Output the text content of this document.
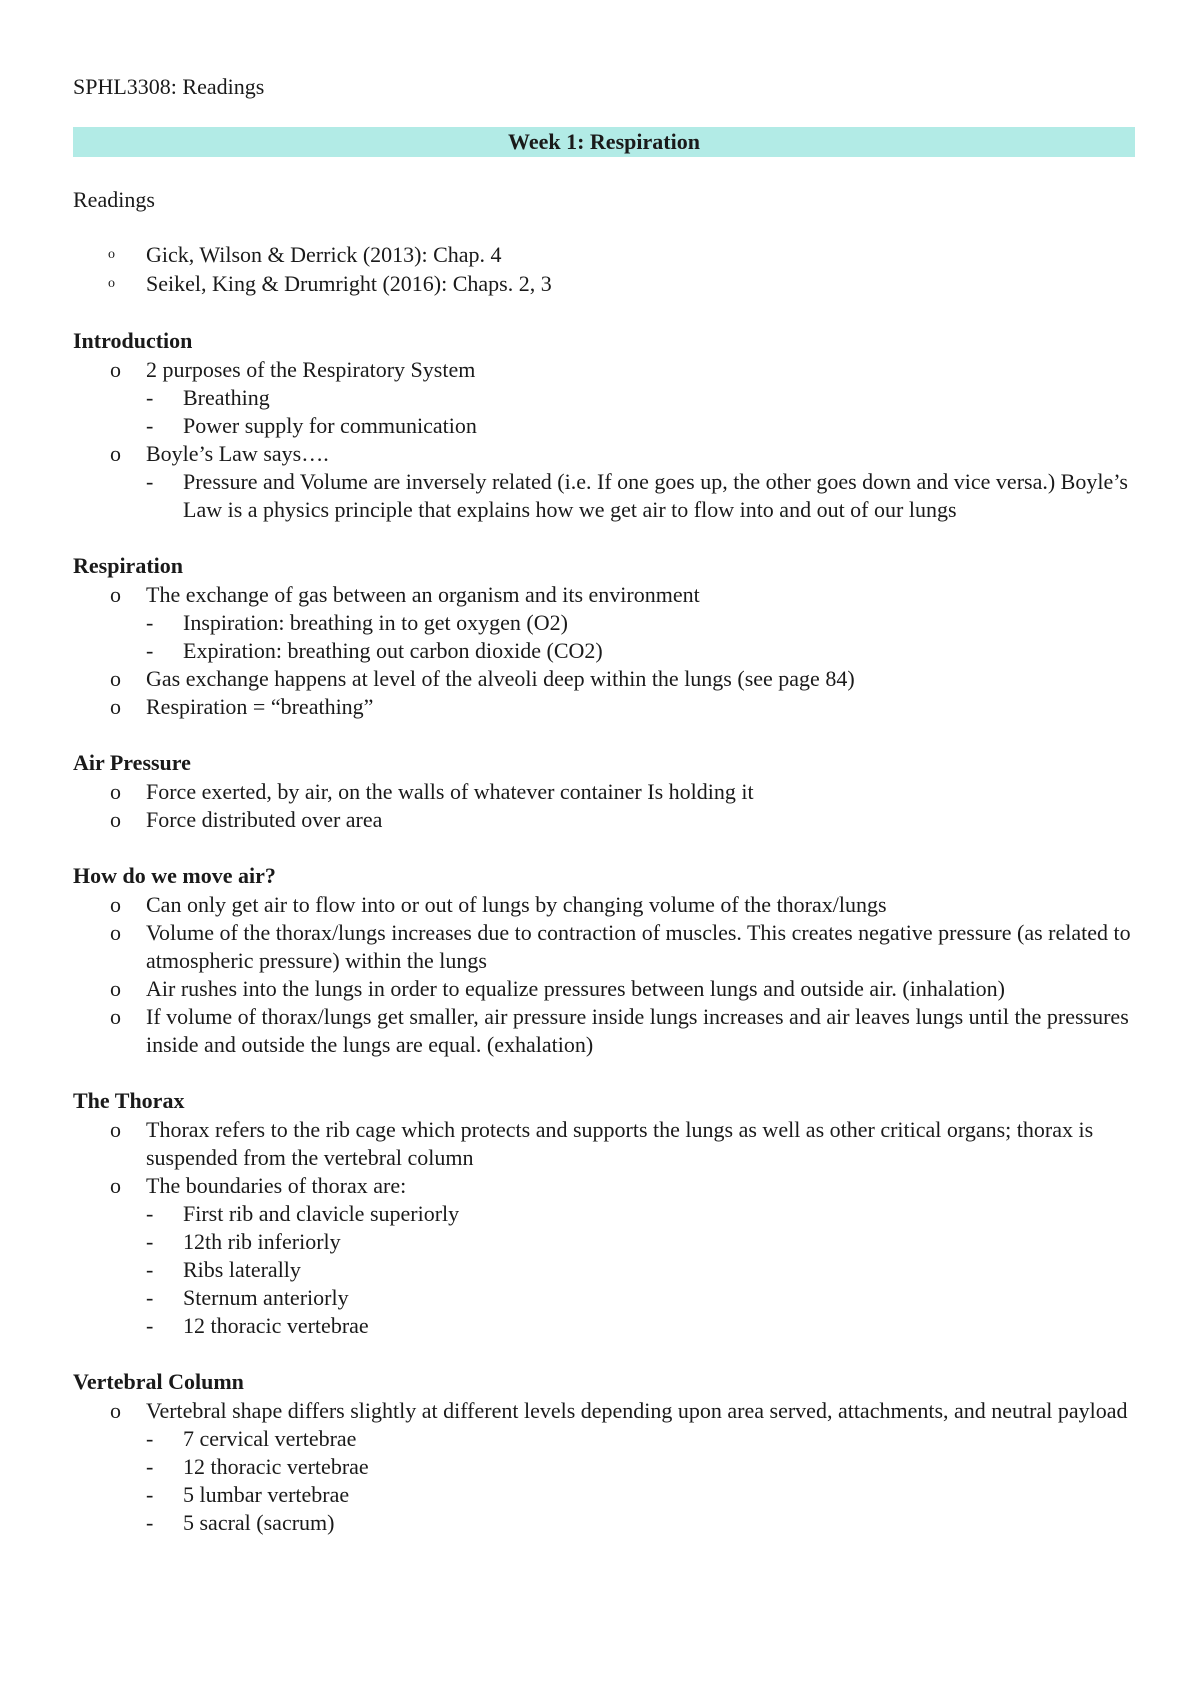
SPHL3308: Readings
Week 1: Respiration
Readings
o	Gick, Wilson & Derrick (2013): Chap. 4
o	Seikel, King & Drumright (2016): Chaps. 2, 3
Introduction
o	2 purposes of the Respiratory System
-	Breathing
-	Power supply for communication
o	Boyle’s Law says….
-	Pressure and Volume are inversely related (i.e. If one goes up, the other goes down and vice versa.) Boyle’s Law is a physics principle that explains how we get air to flow into and out of our lungs
Respiration
o	The exchange of gas between an organism and its environment
-	Inspiration: breathing in to get oxygen (O2)
-	Expiration: breathing out carbon dioxide (CO2)
o	Gas exchange happens at level of the alveoli deep within the lungs (see page 84)
o	Respiration = “breathing”
Air Pressure
o	Force exerted, by air, on the walls of whatever container Is holding it
o	Force distributed over area
How do we move air?
o	Can only get air to flow into or out of lungs by changing volume of the thorax/lungs
o	Volume of the thorax/lungs increases due to contraction of muscles. This creates negative pressure (as related to atmospheric pressure) within the lungs
o	Air rushes into the lungs in order to equalize pressures between lungs and outside air. (inhalation)
o	If volume of thorax/lungs get smaller, air pressure inside lungs increases and air leaves lungs until the pressures inside and outside the lungs are equal. (exhalation)
The Thorax
o	Thorax refers to the rib cage which protects and supports the lungs as well as other critical organs; thorax is suspended from the vertebral column
o	The boundaries of thorax are:
-	First rib and clavicle superiorly
-	12th rib inferiorly
-	Ribs laterally
-	Sternum anteriorly
-	12 thoracic vertebrae
Vertebral Column
o	Vertebral shape differs slightly at different levels depending upon area served, attachments, and neutral payload
-	7 cervical vertebrae
-	12 thoracic vertebrae
-	5 lumbar vertebrae
-	5 sacral (sacrum)
